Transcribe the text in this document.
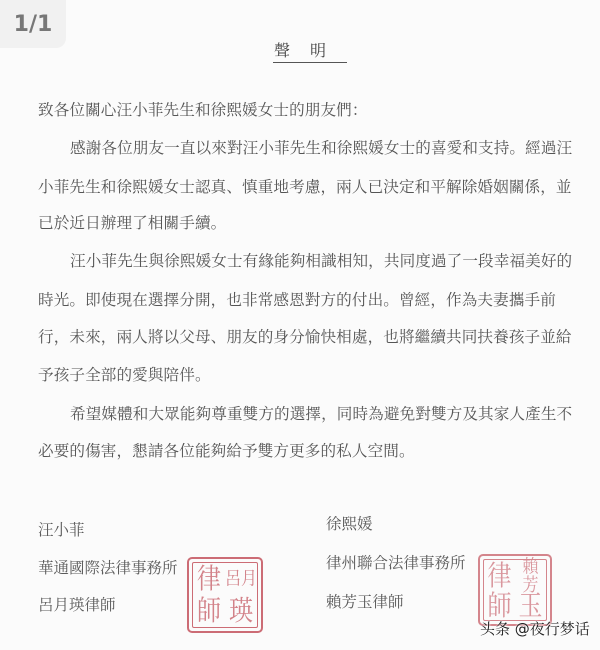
1/1
聲明
致各位關心汪小菲先生和徐熙媛女士的朋友們：
感謝各位朋友一直以來對汪小菲先生和徐熙媛女士的喜愛和支持。經過汪
小菲先生和徐熙媛女士認真、慎重地考慮，兩人已決定和平解除婚姻關係，並
已於近日辦理了相關手續。
汪小菲先生與徐熙媛女士有緣能夠相識相知，共同度過了一段幸福美好的
時光。即使現在選擇分開，也非常感恩對方的付出。曾經，作為夫妻攜手前
行，未來，兩人將以父母、朋友的身分愉快相處，也將繼續共同扶養孩子並給
予孩子全部的愛與陪伴。
希望媒體和大眾能夠尊重雙方的選擇，同時為避免對雙方及其家人產生不
必要的傷害，懇請各位能夠給予雙方更多的私人空間。
汪小菲
華通國際法律事務所
呂月瑛律師
律
師
呂月
瑛
徐熙媛
律州聯合法律事務所
賴芳玉律師
律
師
賴芳
玉
头条 @夜行梦话
